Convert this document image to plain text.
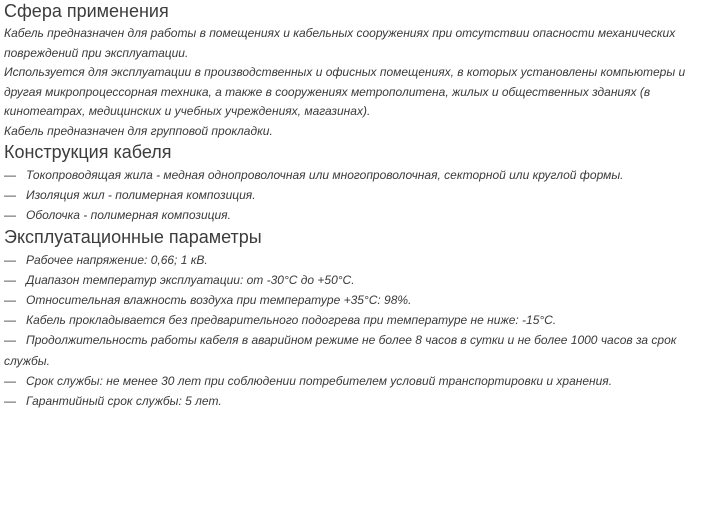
Сфера применения

Кабель предназначен для работы в помещениях и кабельных сооружениях при отсутствии опасности механических повреждений при эксплуатации.

Используется для эксплуатации в производственных и офисных помещениях, в которых установлены компьютеры и другая микропроцессорная техника, а также в сооружениях метрополитена, жилых и общественных зданиях (в кинотеатрах, медицинских и учебных учреждениях, магазинах).

Кабель предназначен для групповой прокладки.

Конструкция кабеля
— Токопроводящая жила - медная однопроволочная или многопроволочная, секторной или круглой формы.
— Изоляция жил - полимерная композиция.
— Оболочка - полимерная композиция.
Эксплуатационные параметры
— Рабочее напряжение: 0,66; 1 кВ.
— Диапазон температур эксплуатации: от -30°С до +50°С.
— Относительная влажность воздуха при температуре +35°С: 98%.
— Кабель прокладывается без предварительного подогрева при температуре не ниже: -15°С.
— Продолжительность работы кабеля в аварийном режиме не более 8 часов в сутки и не более 1000 часов за срок службы.
— Срок службы: не менее 30 лет при соблюдении потребителем условий транспортировки и хранения.
— Гарантийный срок службы: 5 лет.
